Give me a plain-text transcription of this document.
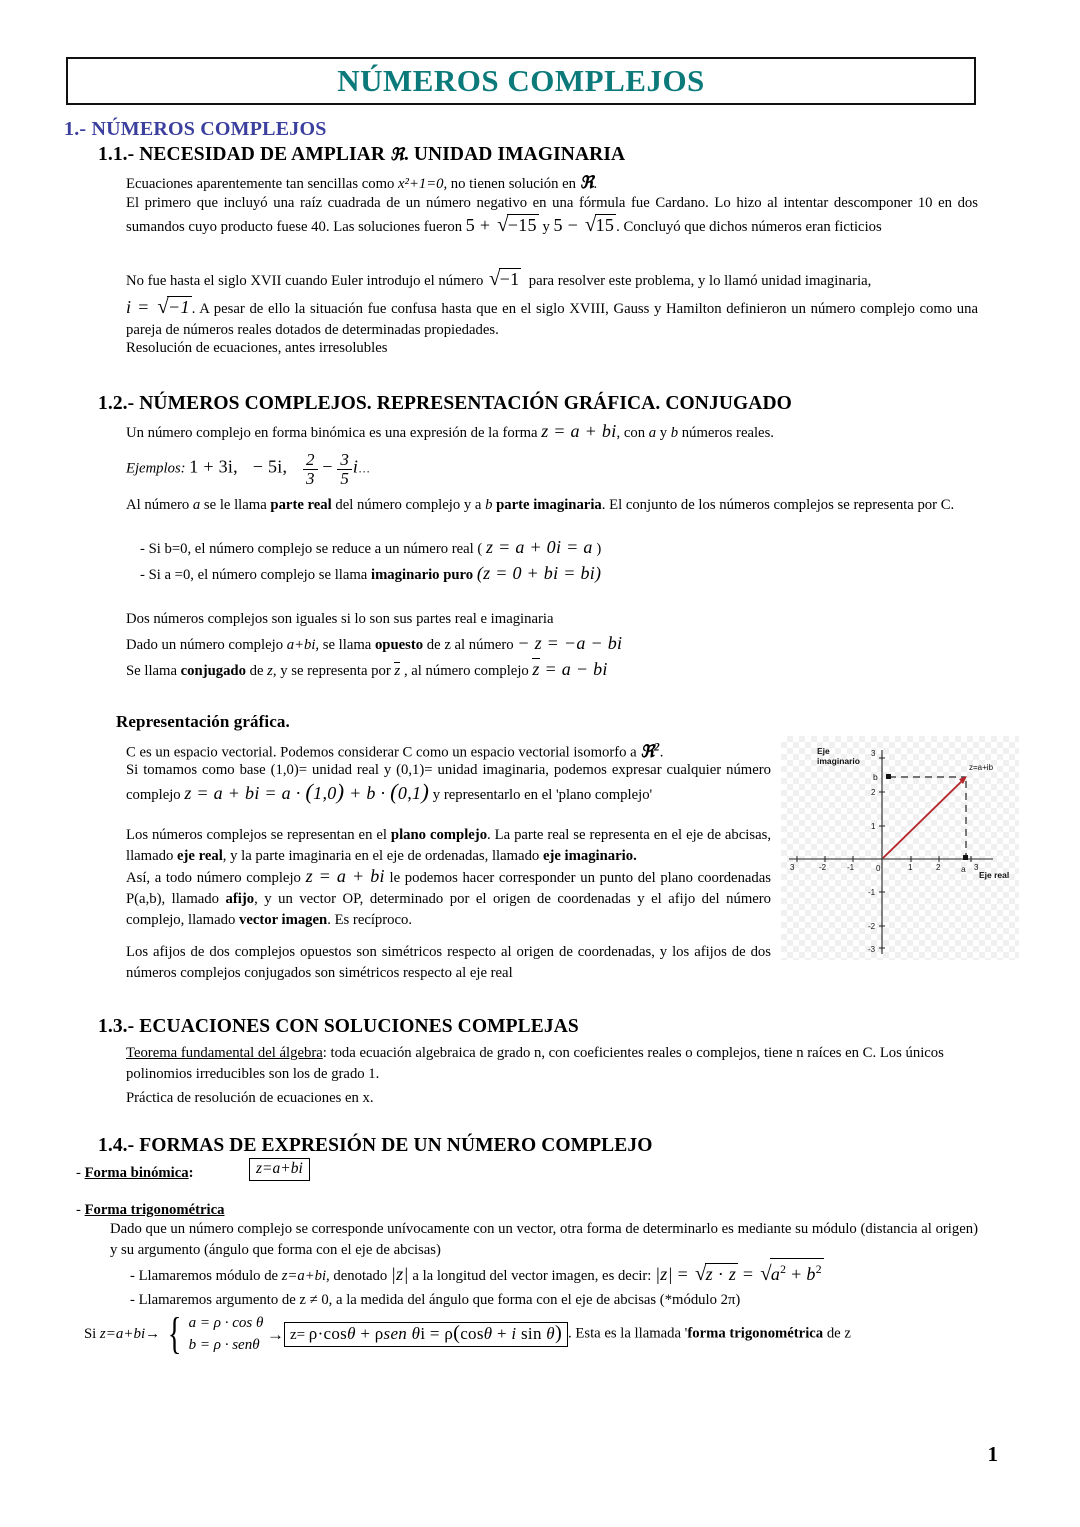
NÚMEROS COMPLEJOS
1.- NÚMEROS COMPLEJOS
1.1.- NECESIDAD DE AMPLIAR ℜ. UNIDAD IMAGINARIA
Ecuaciones aparentemente tan sencillas como x²+1=0, no tienen solución en ℜ.
El primero que incluyó una raíz cuadrada de un número negativo en una fórmula fue Cardano. Lo hizo al intentar descomponer 10 en dos sumandos cuyo producto fuese 40. Las soluciones fueron 5 + √−15 y 5 − √15 . Concluyó que dichos números eran ficticios
No fue hasta el siglo XVII cuando Euler introdujo el número √−1 para resolver este problema, y lo llamó unidad imaginaria,
i = √−1 . A pesar de ello la situación fue confusa hasta que en el siglo XVIII, Gauss y Hamilton definieron un número complejo como una pareja de números reales dotados de determinadas propiedades.
Resolución de ecuaciones, antes irresolubles
1.2.- NÚMEROS COMPLEJOS. REPRESENTACIÓN GRÁFICA. CONJUGADO
Un número complejo en forma binómica es una expresión de la forma z = a + bi, con a y b números reales.
Ejemplos: 1 + 3i, − 5i, $\frac{2}{3} - \frac{3}{5}$ i…
Al número a se le llama parte real del número complejo y a b parte imaginaria. El conjunto de los números complejos se representa por C.
- Si b=0, el número complejo se reduce a un número real ( z = a + 0i = a )
- Si a =0, el número complejo se llama imaginario puro (z = 0 + bi = bi)
Dos números complejos son iguales si lo son sus partes real e imaginaria
Dado un número complejo a+bi, se llama opuesto de z al número − z = −a − bi
Se llama conjugado de z, y se representa por z , al número complejo z = a − bi
Representación gráfica.
C es un espacio vectorial. Podemos considerar C como un espacio vectorial isomorfo a ℜ$^2$.
Si tomamos como base (1,0)= unidad real y (0,1)= unidad imaginaria, podemos expresar cualquier número complejo z = a + bi = a · (1,0) + b · (0,1) y representarlo en el 'plano complejo'
Los números complejos se representan en el plano complejo. La parte real se representa en el eje de abcisas, llamado eje real, y la parte imaginaria en el eje de ordenadas, llamado eje imaginario.
Así, a todo número complejo z = a + bi le podemos hacer corresponder un punto del plano coordenadas P(a,b), llamado afijo, y un vector OP, determinado por el origen de coordenadas y el afijo del número complejo, llamado vector imagen. Es recíproco.
Los afijos de dos complejos opuestos son simétricos respecto al origen de coordenadas, y los afijos de dos números complejos conjugados son simétricos respecto al eje real
Eje
imaginario
Eje real
z=a+ib
b
a
0
3	-2	-1	1	2	3
3
2
1
-1
-2
-3
1.3.- ECUACIONES CON SOLUCIONES COMPLEJAS
Teorema fundamental del álgebra: toda ecuación algebraica de grado n, con coeficientes reales o complejos, tiene n raíces en C. Los únicos polinomios irreducibles son los de grado 1.
Práctica de resolución de ecuaciones en x.
1.4.- FORMAS DE EXPRESIÓN DE UN NÚMERO COMPLEJO
- Forma binómica:	z=a+bi
- Forma trigonométrica
Dado que un número complejo se corresponde unívocamente con un vector, otra forma de determinarlo es mediante su módulo (distancia al origen) y su argumento (ángulo que forma con el eje de abcisas)
- Llamaremos módulo de z=a+bi, denotado |z| a la longitud del vector imagen, es decir: $|z| = √z \cdot z = √a^2 + b^2$
- Llamaremos argumento de z ≠ 0, a la medida del ángulo que forma con el eje de abcisas (*módulo 2π)
Si z=a+bi→ { a = ρ · cos θ
b = ρ · senθ
→ z= ρ·cosθ + ρsen θi = ρ(cosθ + i sin θ) . Esta es la llamada 'forma trigonométrica de z
1
